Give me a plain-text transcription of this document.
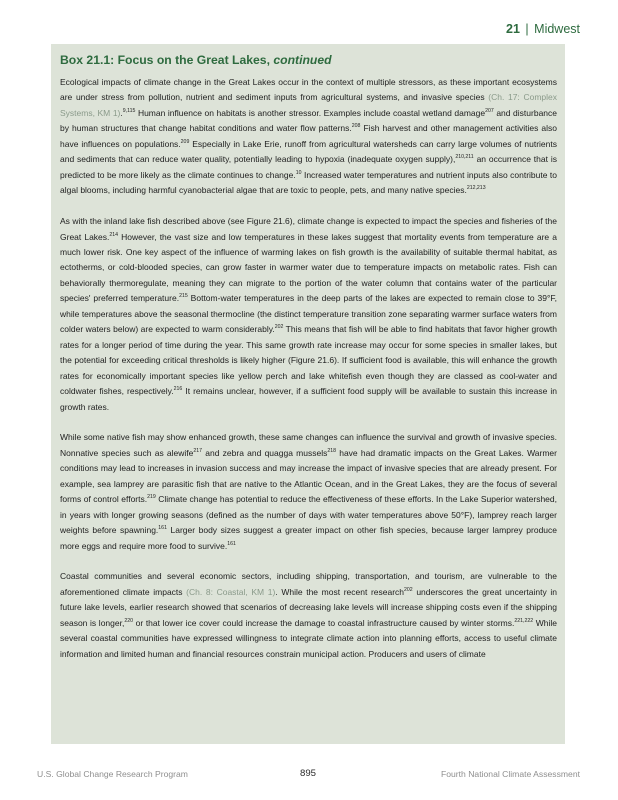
21 | Midwest
Box 21.1: Focus on the Great Lakes, continued

Ecological impacts of climate change in the Great Lakes occur in the context of multiple stressors, as these important ecosystems are under stress from pollution, nutrient and sediment inputs from agricultural systems, and invasive species (Ch. 17: Complex Systems, KM 1).$^{9,115}$ Human influence on habitats is another stressor. Examples include coastal wetland damage$^{207}$ and disturbance by human structures that change habitat conditions and water flow patterns.$^{208}$ Fish harvest and other management activities also have influences on populations.$^{209}$ Especially in Lake Erie, runoff from agricultural watersheds can carry large volumes of nutrients and sediments that can reduce water quality, potentially leading to hypoxia (inadequate oxygen supply),$^{210,211}$ an occurrence that is predicted to be more likely as the climate continues to change.$^{10}$ Increased water temperatures and nutrient inputs also contribute to algal blooms, including harmful cyanobacterial algae that are toxic to people, pets, and many native species.$^{212,213}$

As with the inland lake fish described above (see Figure 21.6), climate change is expected to impact the species and fisheries of the Great Lakes.$^{214}$ However, the vast size and low temperatures in these lakes suggest that mortality events from temperature are a much lower risk. One key aspect of the influence of warming lakes on fish growth is the availability of suitable thermal habitat, as ectotherms, or cold-blooded species, can grow faster in warmer water due to temperature impacts on metabolic rates. Fish can behaviorally thermoregulate, meaning they can migrate to the portion of the water column that contains water of the particular species' preferred temperature.$^{215}$ Bottom-water temperatures in the deep parts of the lakes are expected to remain close to 39°F, while temperatures above the seasonal thermocline (the distinct temperature transition zone separating warmer surface waters from colder waters below) are expected to warm considerably.$^{202}$ This means that fish will be able to find habitats that favor higher growth rates for a longer period of time during the year. This same growth rate increase may occur for some species in smaller lakes, but the potential for exceeding critical thresholds is likely higher (Figure 21.6). If sufficient food is available, this will enhance the growth rates for economically important species like yellow perch and lake whitefish even though they are classed as cool-water and coldwater fishes, respectively.$^{216}$ It remains unclear, however, if a sufficient food supply will be available to sustain this increase in growth rates.

While some native fish may show enhanced growth, these same changes can influence the survival and growth of invasive species. Nonnative species such as alewife$^{217}$ and zebra and quagga mussels$^{218}$ have had dramatic impacts on the Great Lakes. Warmer conditions may lead to increases in invasion success and may increase the impact of invasive species that are already present. For example, sea lamprey are parasitic fish that are native to the Atlantic Ocean, and in the Great Lakes, they are the focus of several forms of control efforts.$^{219}$ Climate change has potential to reduce the effectiveness of these efforts. In the Lake Superior watershed, in years with longer growing seasons (defined as the number of days with water temperatures above 50°F), lamprey reach larger weights before spawning.$^{161}$ Larger body sizes suggest a greater impact on other fish species, because larger lamprey produce more eggs and require more food to survive.$^{161}$

Coastal communities and several economic sectors, including shipping, transportation, and tourism, are vulnerable to the aforementioned climate impacts (Ch. 8: Coastal, KM 1). While the most recent research$^{202}$ underscores the great uncertainty in future lake levels, earlier research showed that scenarios of decreasing lake levels will increase shipping costs even if the shipping season is longer,$^{220}$ or that lower ice cover could increase the damage to coastal infrastructure caused by winter storms.$^{221,222}$ While several coastal communities have expressed willingness to integrate climate action into planning efforts, access to useful climate information and limited human and financial resources constrain municipal action. Producers and users of climate

U.S. Global Change Research Program	895	Fourth National Climate Assessment
